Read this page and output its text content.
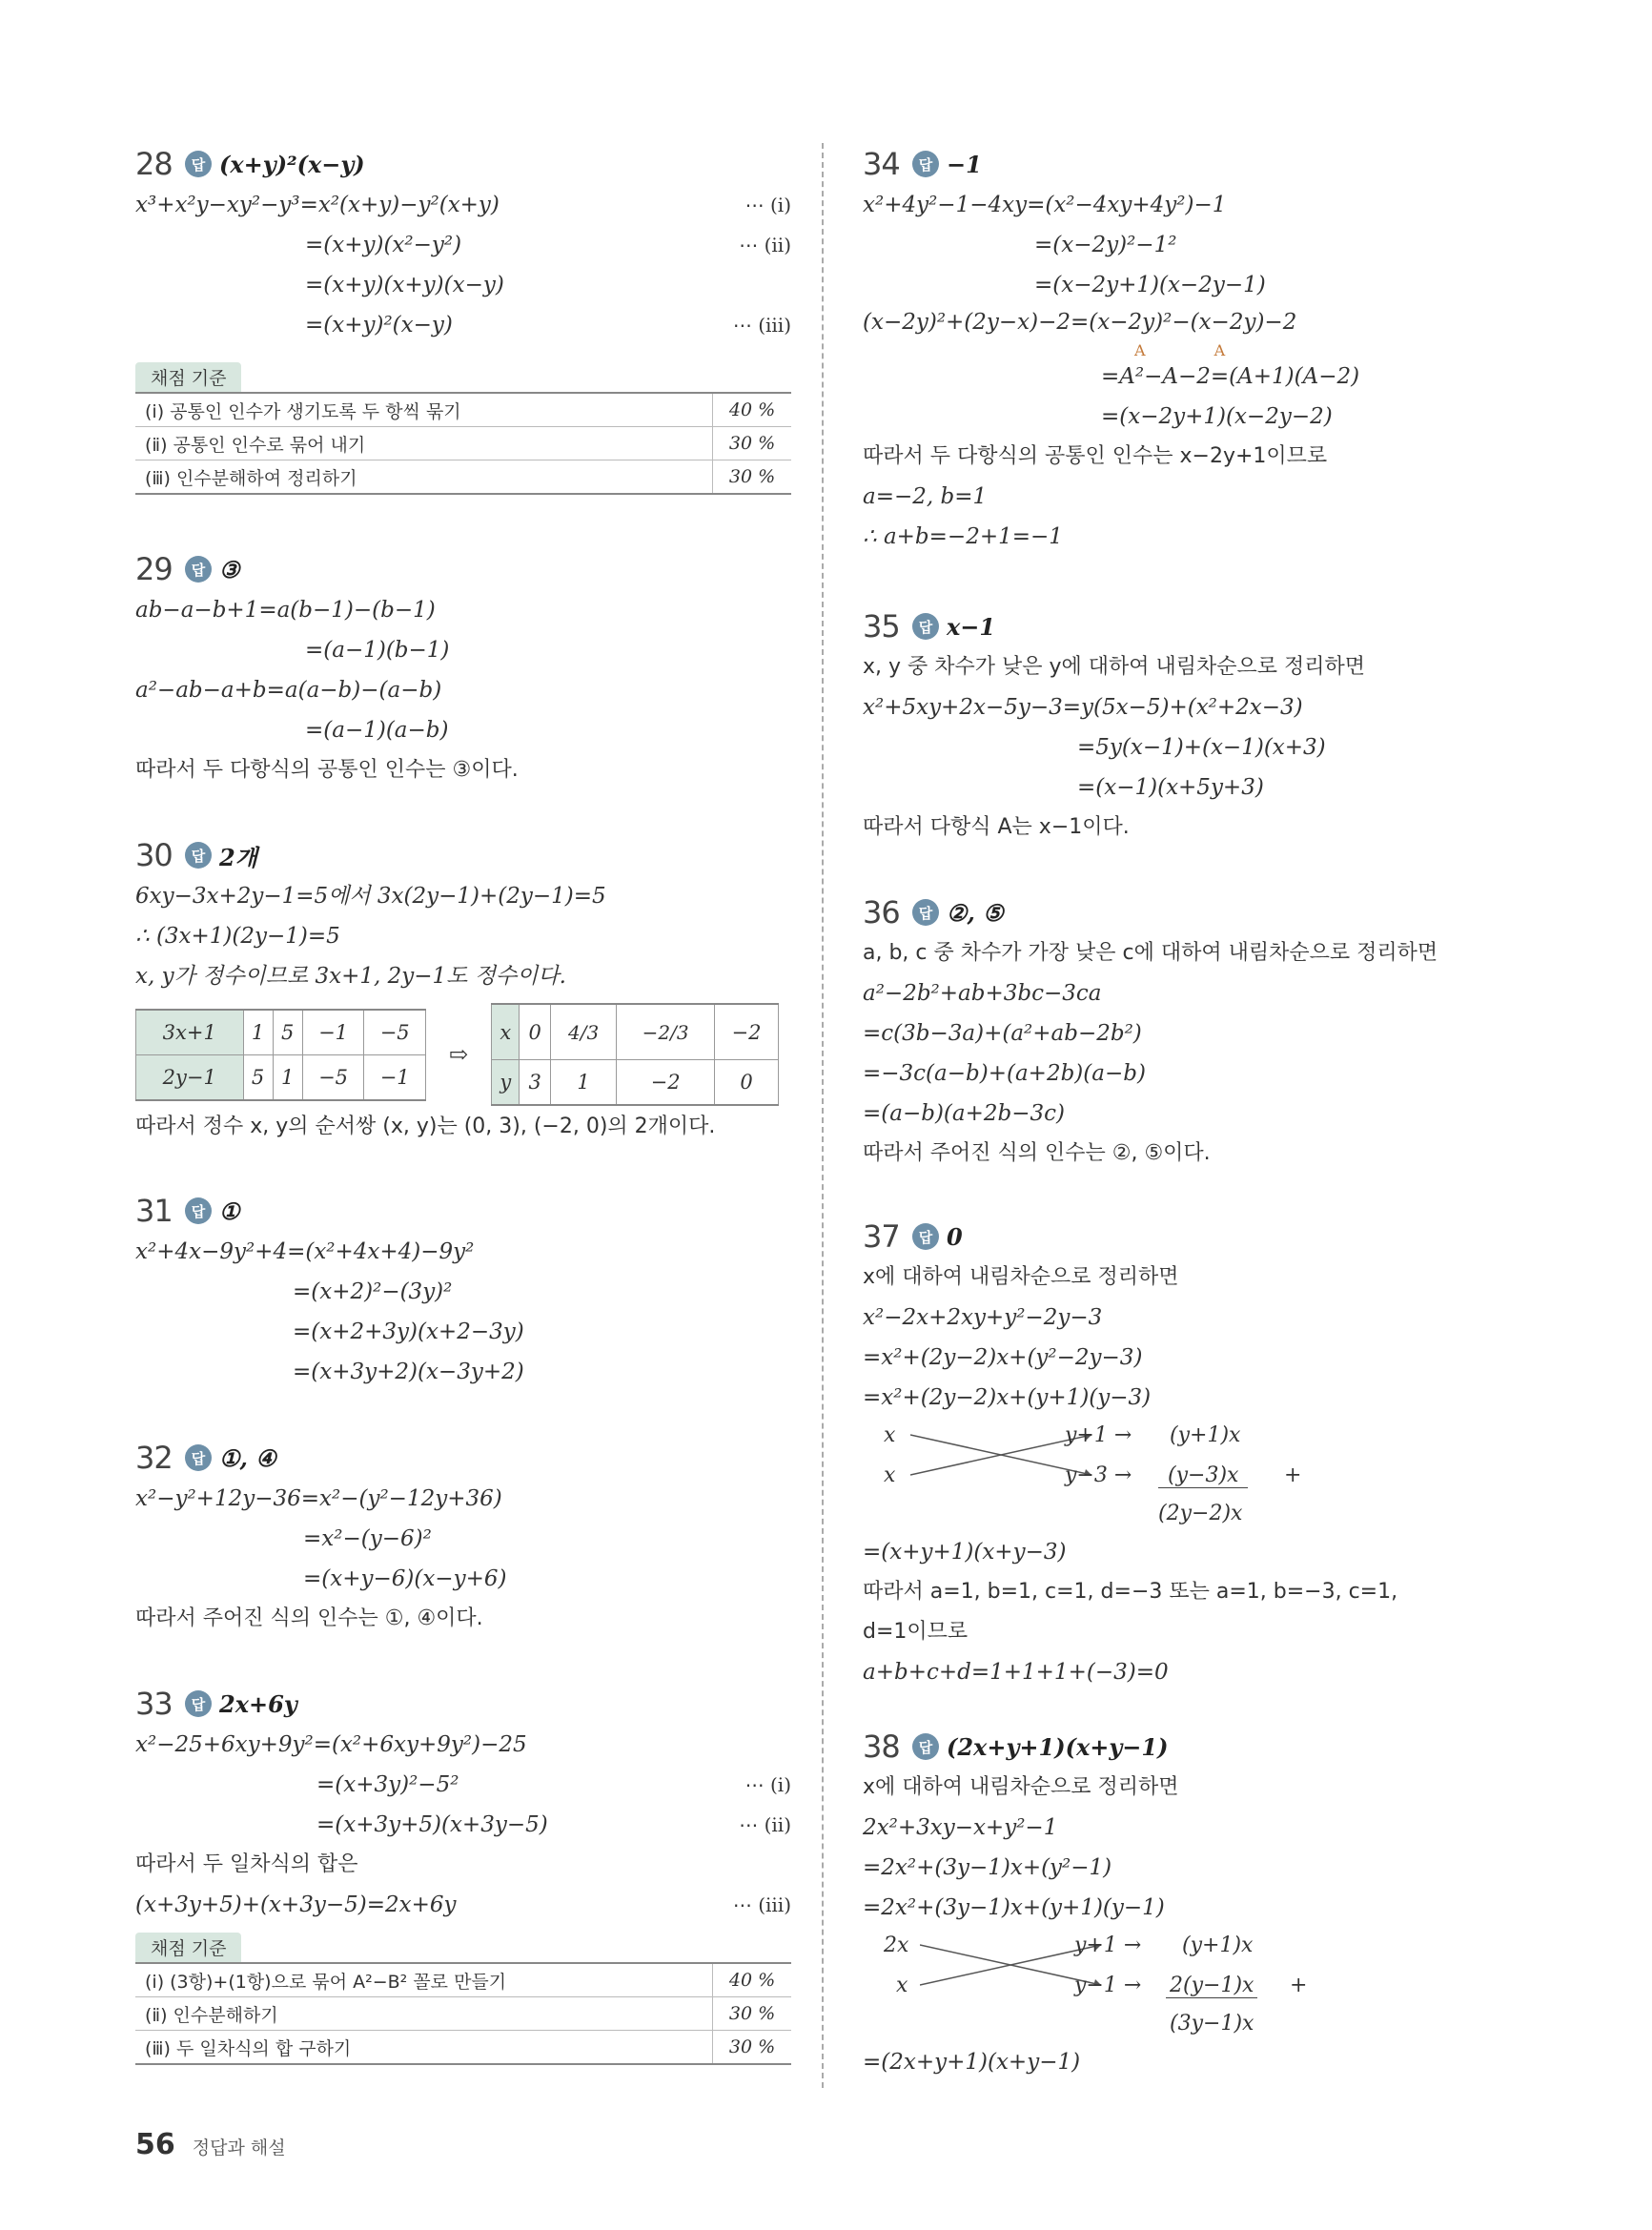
28	답 (x+y)²(x−y)
x³+x²y−xy²−y³=x²(x+y)−y²(x+y)	⋯ (ⅰ)
=(x+y)(x²−y²)	⋯ (ⅱ)
=(x+y)(x+y)(x−y)
=(x+y)²(x−y)	⋯ (ⅲ)
채점 기준
(ⅰ) 공통인 인수가 생기도록 두 항씩 묶기	40 %
(ⅱ) 공통인 인수로 묶어 내기	30 %
(ⅲ) 인수분해하여 정리하기	30 %
29	답 ③
ab−a−b+1=a(b−1)−(b−1)
=(a−1)(b−1)
a²−ab−a+b=a(a−b)−(a−b)
=(a−1)(a−b)
따라서 두 다항식의 공통인 인수는 ③이다.
30	답 2개
6xy−3x+2y−1=5에서 3x(2y−1)+(2y−1)=5
∴ (3x+1)(2y−1)=5
x, y가 정수이므로 3x+1, 2y−1도 정수이다.
3x+1	1	5	−1	−5
2y−1	5	1	−5	−1
⇨
x	0	4/3	−2/3	−2
y	3	1	−2	0
따라서 정수 x, y의 순서쌍 (x, y)는 (0, 3), (−2, 0)의 2개이다.
31	답 ①
x²+4x−9y²+4=(x²+4x+4)−9y²
=(x+2)²−(3y)²
=(x+2+3y)(x+2−3y)
=(x+3y+2)(x−3y+2)
32	답 ①, ④
x²−y²+12y−36=x²−(y²−12y+36)
=x²−(y−6)²
=(x+y−6)(x−y+6)
따라서 주어진 식의 인수는 ①, ④이다.
33	답 2x+6y
x²−25+6xy+9y²=(x²+6xy+9y²)−25
=(x+3y)²−5²	⋯ (ⅰ)
=(x+3y+5)(x+3y−5)	⋯ (ⅱ)
따라서 두 일차식의 합은
(x+3y+5)+(x+3y−5)=2x+6y	⋯ (ⅲ)
채점 기준
(ⅰ) (3항)+(1항)으로 묶어 A²−B² 꼴로 만들기	40 %
(ⅱ) 인수분해하기	30 %
(ⅲ) 두 일차식의 합 구하기	30 %
34	답 −1
x²+4y²−1−4xy=(x²−4xy+4y²)−1
=(x−2y)²−1²
=(x−2y+1)(x−2y−1)
(x−2y)²+(2y−x)−2=(x−2y)²−(x−2y)−2
A	A
=A²−A−2=(A+1)(A−2)
=(x−2y+1)(x−2y−2)
따라서 두 다항식의 공통인 인수는 x−2y+1이므로
a=−2, b=1
∴ a+b=−2+1=−1
35	답 x−1
x, y 중 차수가 낮은 y에 대하여 내림차순으로 정리하면
x²+5xy+2x−5y−3=y(5x−5)+(x²+2x−3)
=5y(x−1)+(x−1)(x+3)
=(x−1)(x+5y+3)
따라서 다항식 A는 x−1이다.
36	답 ②, ⑤
a, b, c 중 차수가 가장 낮은 c에 대하여 내림차순으로 정리하면
a²−2b²+ab+3bc−3ca
=c(3b−3a)+(a²+ab−2b²)
=−3c(a−b)+(a+2b)(a−b)
=(a−b)(a+2b−3c)
따라서 주어진 식의 인수는 ②, ⑤이다.
37	답 0
x에 대하여 내림차순으로 정리하면
x²−2x+2xy+y²−2y−3
=x²+(2y−2)x+(y²−2y−3)
=x²+(2y−2)x+(y+1)(y−3)
x
x
y+1 →
y−3 →
(y+1)x
(y−3)x	+
(2y−2)x
=(x+y+1)(x+y−3)
따라서 a=1, b=1, c=1, d=−3 또는 a=1, b=−3, c=1,
d=1이므로
a+b+c+d=1+1+1+(−3)=0
38	답 (2x+y+1)(x+y−1)
x에 대하여 내림차순으로 정리하면
2x²+3xy−x+y²−1
=2x²+(3y−1)x+(y²−1)
=2x²+(3y−1)x+(y+1)(y−1)
2x
x
y+1 →
y−1 →
(y+1)x
2(y−1)x +
(3y−1)x
=(2x+y+1)(x+y−1)
56 정답과 해설
